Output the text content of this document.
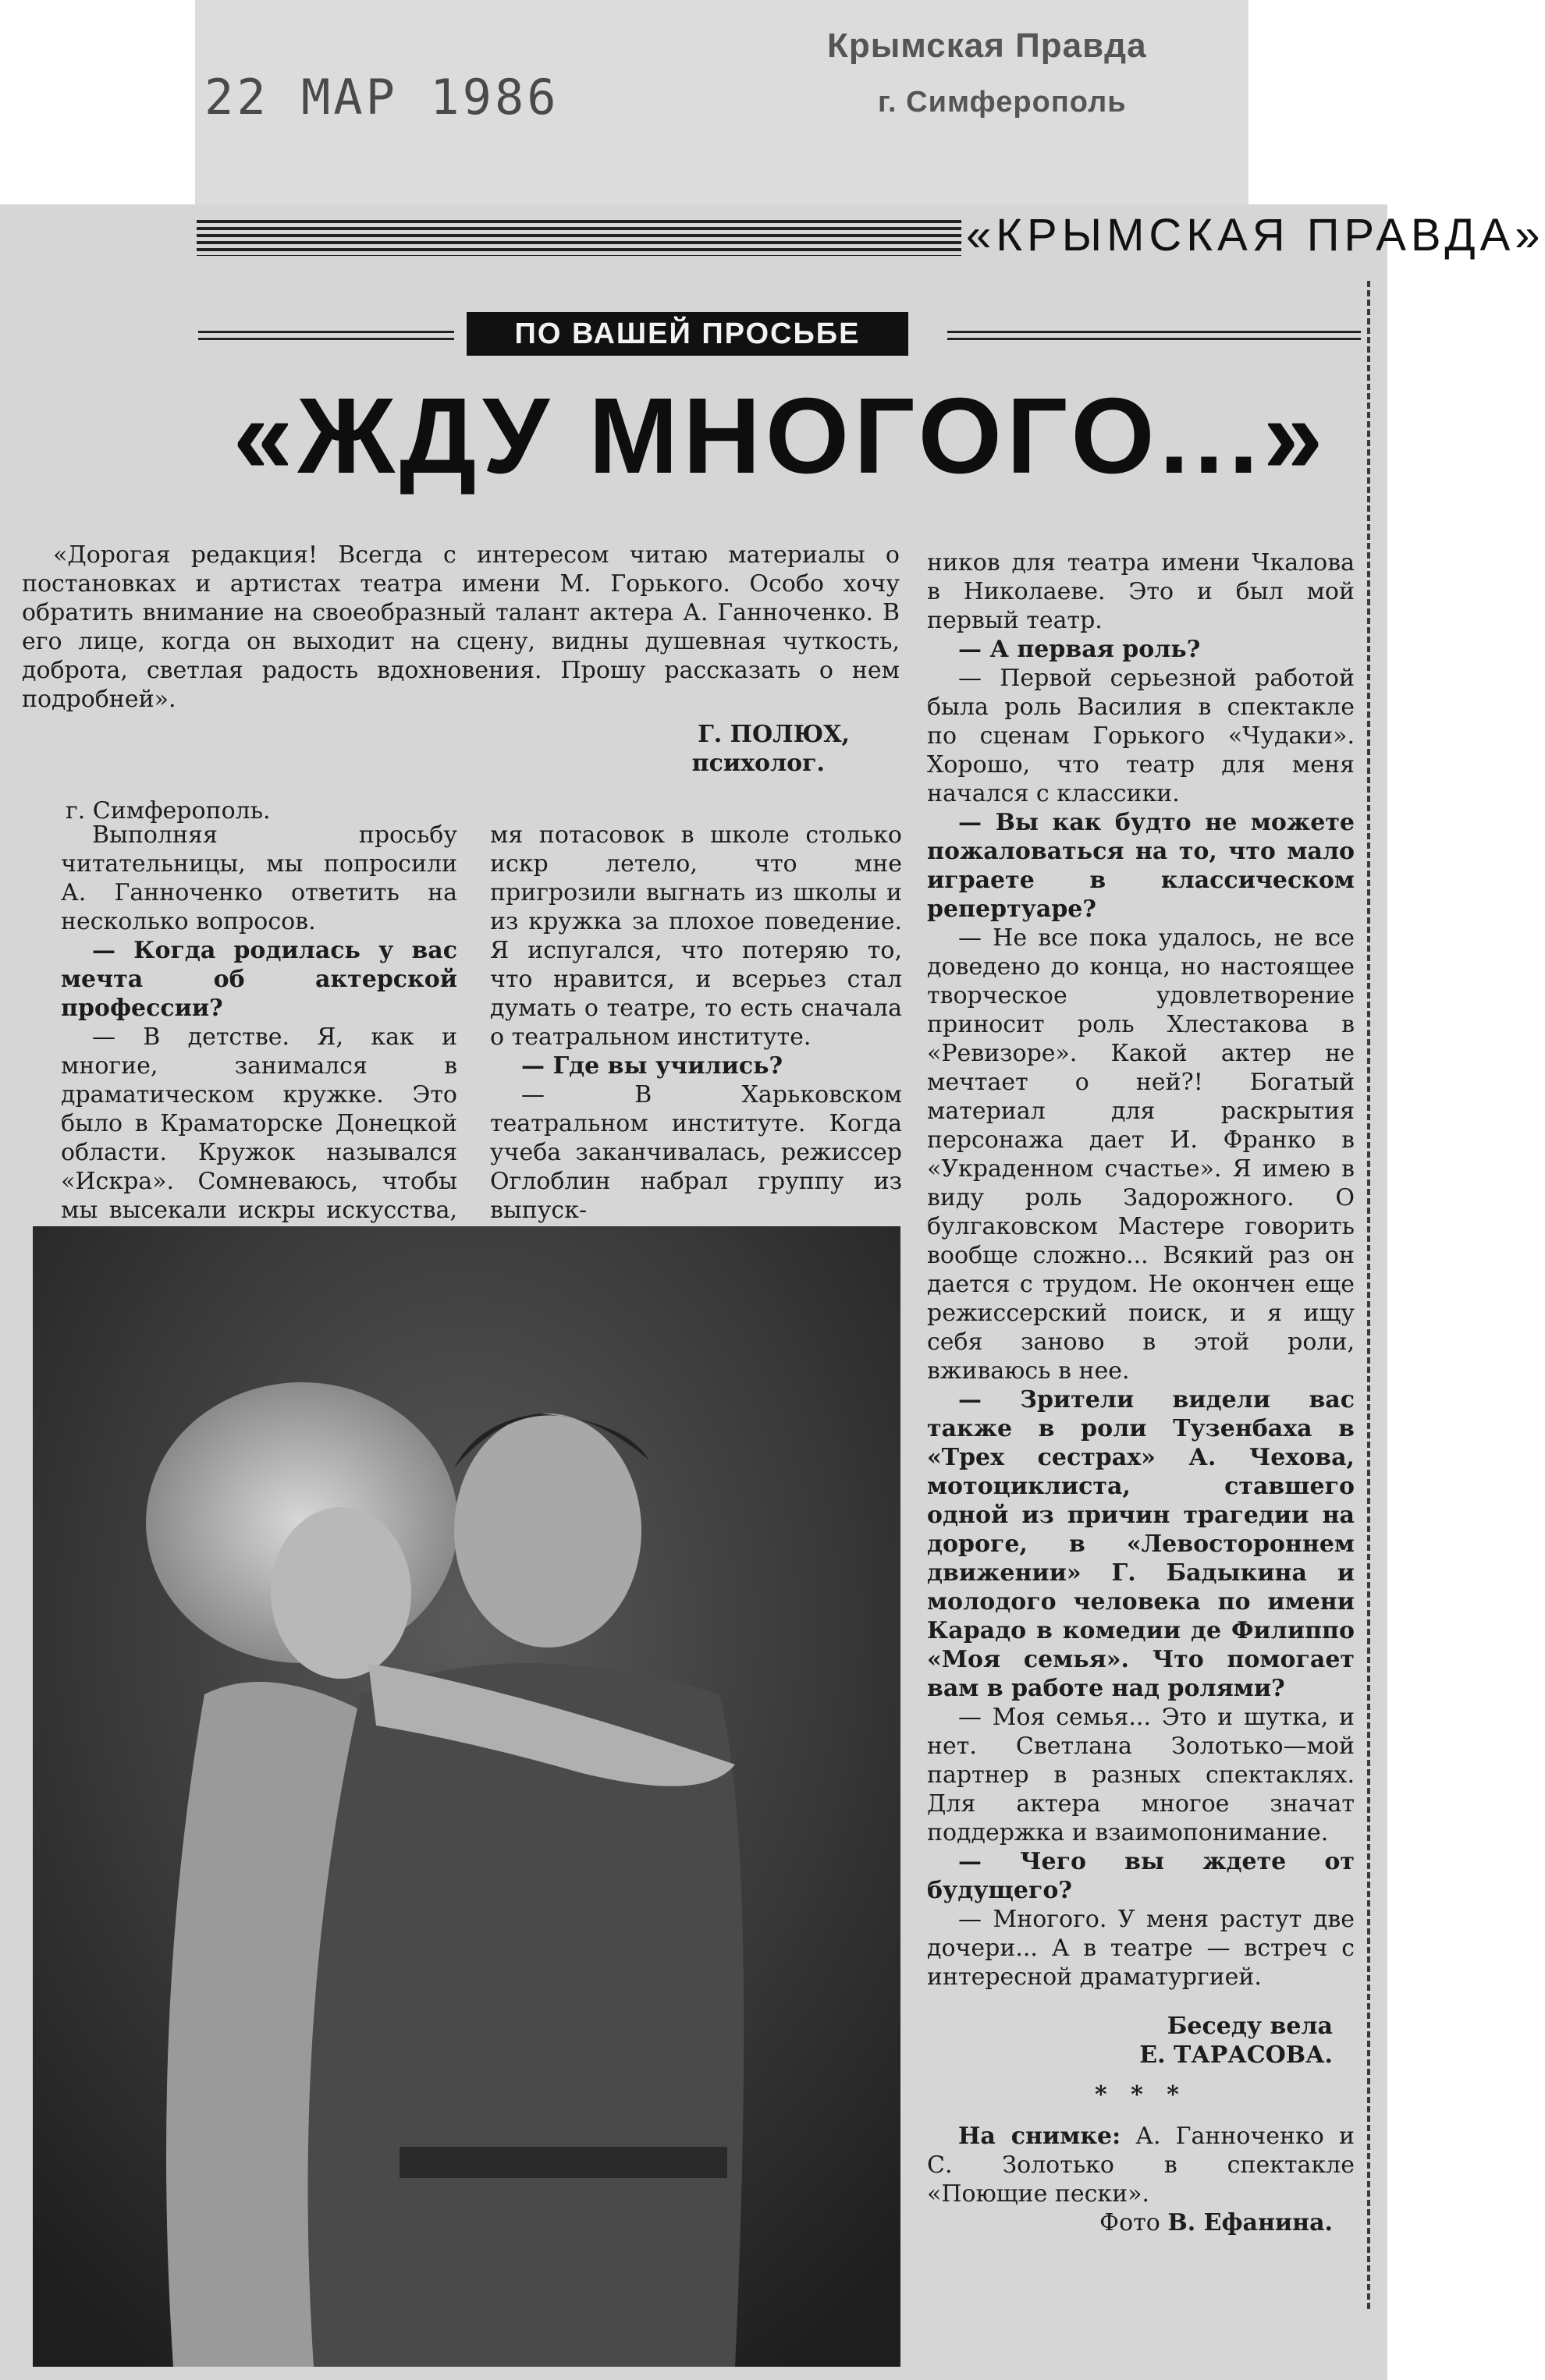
22 МАР 1986
Крымская Правда
г. Симферополь
«КРЫМСКАЯ ПРАВДА»
ПО ВАШЕЙ ПРОСЬБЕ
«ЖДУ МНОГОГО...»
«Дорогая редакция! Всегда с интересом читаю материалы о постановках и артистах театра имени М. Горького. Особо хочу обратить внимание на своеобразный талант актера А. Ганноченко. В его лице, когда он выходит на сцену, видны душевная чуткость, доброта, светлая радость вдохновения. Прошу рассказать о нем подробней».
Г. ПОЛЮХ,
психолог.
г. Симферополь.

Выполняя просьбу читательницы, мы попросили А. Ганноченко ответить на несколько вопросов.

— Когда родилась у вас мечта об актерской профессии?

— В детстве. Я, как и многие, занимался в драматическом кружке. Это было в Краматорске Донецкой области. Кружок назывался «Искра». Сомневаюсь, чтобы мы высекали искры искусства,

мя потасовок в школе столько искр летело, что мне пригрозили выгнать из школы и из кружка за плохое поведение. Я испугался, что потеряю то, что нравится, и всерьез стал думать о театре, то есть сначала о театральном институте.

— Где вы учились?

— В Харьковском театральном институте. Когда учеба заканчивалась, режиссер Оглоблин набрал группу из выпуск-

ников для театра имени Чкалова в Николаеве. Это и был мой первый театр.

— А первая роль?

— Первой серьезной работой была роль Василия в спектакле по сценам Горького «Чудаки». Хорошо, что театр для меня начался с классики.

— Вы как будто не можете пожаловаться на то, что мало играете в классическом репертуаре?

— Не все пока удалось, не все доведено до конца, но настоящее творческое удовлетворение приносит роль Хлестакова в «Ревизоре». Какой актер не мечтает о ней?! Богатый материал для раскрытия персонажа дает И. Франко в «Украденном счастье». Я имею в виду роль Задорожного. О булгаковском Мастере говорить вообще сложно... Всякий раз он дается с трудом. Не окончен еще режиссерский поиск, и я ищу себя заново в этой роли, вживаюсь в нее.

— Зрители видели вас также в роли Тузенбаха в «Трех сестрах» А. Чехова, мотоциклиста, ставшего одной из причин трагедии на дороге, в «Левостороннем движении» Г. Бадыкина и молодого человека по имени Карадо в комедии де Филиппо «Моя семья». Что помогает вам в работе над ролями?

— Моя семья... Это и шутка, и нет. Светлана Золотько—мой партнер в разных спектаклях. Для актера многое значат поддержка и взаимопонимание.

— Чего вы ждете от будущего?

— Многого. У меня растут две дочери... А в театре — встреч с интересной драматургией.

Беседу вела
Е. ТАРАСОВА.
* * *

На снимке: А. Ганноченко и С. Золотько в спектакле «Поющие пески».

Фото В. Ефанина.
